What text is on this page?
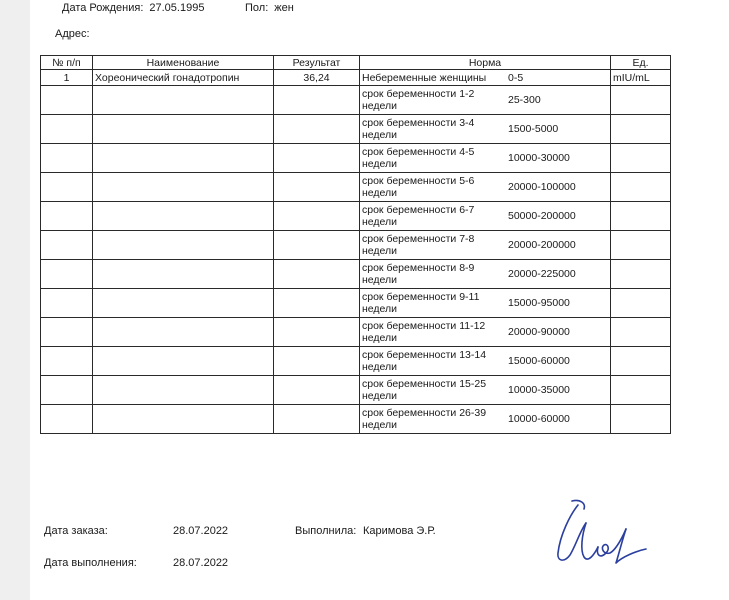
Дата Рождения: 27.05.1995	Пол: жен
Адрес:
№ п/п	Наименование	Результат	Норма	Ед.
1	Хореонический гонадотропин	36,24	Небеременные женщины 0-5	mIU/mL
			срок беременности 1-2 недели 25-300	
			срок беременности 3-4 недели 1500-5000	
			срок беременности 4-5 недели 10000-30000	
			срок беременности 5-6 недели 20000-100000	
			срок беременности 6-7 недели 50000-200000	
			срок беременности 7-8 недели 20000-200000	
			срок беременности 8-9 недели 20000-225000	
			срок беременности 9-11 недели 15000-95000	
			срок беременности 11-12 недели 20000-90000	
			срок беременности 13-14 недели 15000-60000	
			срок беременности 15-25 недели 10000-35000	
			срок беременности 26-39 недели 10000-60000	
Дата заказа:	28.07.2022	Выполнила: Каримова Э.Р.
Дата выполнения:	28.07.2022
